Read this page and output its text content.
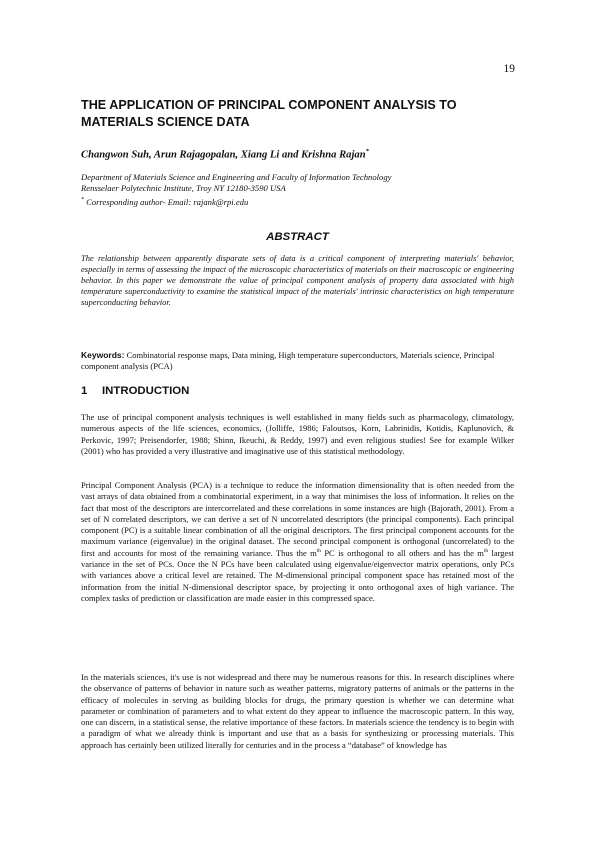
19
THE APPLICATION OF PRINCIPAL COMPONENT ANALYSIS TO MATERIALS SCIENCE DATA

Changwon Suh, Arun Rajagopalan, Xiang Li and Krishna Rajan*

Department of Materials Science and Engineering and Faculty of Information Technology
Rensselaer Polytechnic Institute, Troy NY 12180-3590 USA
* Corresponding author- Email: rajank@rpi.edu
ABSTRACT

The relationship between apparently disparate sets of data is a critical component of interpreting materials' behavior, especially in terms of assessing the impact of the microscopic characteristics of materials on their macroscopic or engineering behavior. In this paper we demonstrate the value of principal component analysis of property data associated with high temperature superconductivity to examine the statistical impact of the materials' intrinsic characteristics on high temperature superconducting behavior.

Keywords: Combinatorial response maps, Data mining, High temperature superconductors, Materials science, Principal component analysis (PCA)

1 INTRODUCTION

The use of principal component analysis techniques is well established in many fields such as pharmacology, climatology, numerous aspects of the life sciences, economics, (Jolliffe, 1986; Faloutsos, Korn, Labrinidis, Kotidis, Kaplunovich, & Perkovic, 1997; Preisendorfer, 1988; Shinn, Ikeuchi, & Reddy, 1997) and even religious studies! See for example Wilker (2001) who has provided a very illustrative and imaginative use of this statistical methodology.

Principal Component Analysis (PCA) is a technique to reduce the information dimensionality that is often needed from the vast arrays of data obtained from a combinatorial experiment, in a way that minimises the loss of information. It relies on the fact that most of the descriptors are intercorrelated and these correlations in some instances are high (Bajorath, 2001). From a set of N correlated descriptors, we can derive a set of N uncorrelated descriptors (the principal components). Each principal component (PC) is a suitable linear combination of all the original descriptors. The first principal component accounts for the maximum variance (eigenvalue) in the original dataset. The second principal component is orthogonal (uncorrelated) to the first and accounts for most of the remaining variance. Thus the $m^{th}$ PC is orthogonal to all others and has the $m^{th}$ largest variance in the set of PCs. Once the N PCs have been calculated using eigenvalue/eigenvector matrix operations, only PCs with variances above a critical level are retained. The M-dimensional principal component space has retained most of the information from the initial N-dimensional descriptor space, by projecting it onto orthogonal axes of high variance. The complex tasks of prediction or classification are made easier in this compressed space.

In the materials sciences, it's use is not widespread and there may be numerous reasons for this. In research disciplines where the observance of patterns of behavior in nature such as weather patterns, migratory patterns of animals or the patterns in the efficacy of molecules in serving as building blocks for drugs, the primary question is whether we can determine what parameter or combination of parameters and to what extent do they appear to influence the macroscopic pattern. In this way, one can discern, in a statistical sense, the relative importance of these factors. In materials science the tendency is to begin with a paradigm of what we already think is important and use that as a basis for synthesizing or processing materials. This approach has certainly been utilized literally for centuries and in the process a “database” of knowledge has
